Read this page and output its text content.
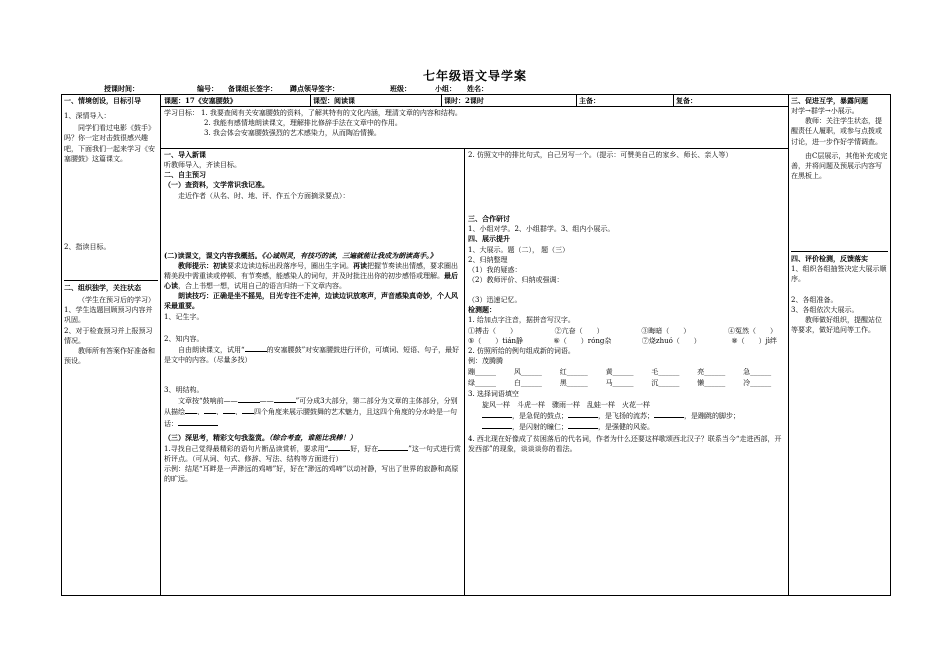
七年级语文导学案
授课时间：	编号： 备课组长签字： 蹲点领导签字：	班级：	小组： 姓名：

一、情境创设，目标引导

1、深情导入：

同学们看过电影《鼓手》吗？你一定对击鼓很感兴趣吧，下面我们一起来学习《安塞腰鼓》这篇课文。

2、指读目标。

二、组织独学，关注状态

（学生在预习后的学习）

1、学生选题回顾预习内容并巩固。

2、对于检查预习并上报预习情况。

教师所有答案作好准备和预设。

课题：17《安塞腰鼓》	课型：阅读课	课时：2课时	主备：	复备：

学习目标： 1. 我要查阅有关安塞腰鼓的资料，了解其特有的文化内涵，理清文章的内容和结构。

2. 我能有感情地朗读课文，理解排比修辞手法在文章中的作用。

3. 我会体会安塞腰鼓强烈的艺术感染力，从而陶冶情操。

一、导入新课

听教师导入，齐读目标。

二、自主预习

（一）查资料，文学常识我记准。

走近作者（从名、时、地、评、作五个方面摘录要点）：

(二)读课文，课文内容我概括。《心诚则灵，有技巧的读，三遍就能让我成为朗读高手。》

教师提示：初读要求边读边标出段落序号，圈出生字词。再读把握节奏读出情感，要求圈出精美段中需重读或停顿、有节奏感，能感染人的词句，并及时批注出你的初步感悟或理解。最后心读，合上书想一想，试用自己的语言归纳一下文章内容。

朗读技巧：正确是坐不摇晃，目光专注不走神，边读边识放寒声，声音感染真奇妙，个人风采最重要。

1、记生字。

2、知内容。

自由朗读课文，试用“	的安塞腰鼓”对安塞腰鼓进行评价，可填词、短语、句子，最好是文中的内容。（尽量多找）

3、明结构。

文章按“鼓响前——	——	”可分成3大部分，第二部分为文章的主体部分，分别从描绘 、 、 、 四个角度来展示腰鼓舞的艺术魅力，且这四个角度的分水岭是一句话：

（三）深思考，精彩文句我鉴赏。（综合考查，谁能比我棒！）

1.寻找自己觉得最精彩的语句片断品读赏析，要求用“	好，好在	”这一句式进行赏析评点。（可从词、句式、修辞、写法、结构等方面进行）

示例：结尾“耳畔是一声渺远的鸡啼”好，好在“渺远的鸡啼”以动衬静，写出了世界的寂静和高原的旷远。

2. 仿照文中的排比句式，自己另写一个。（提示：可赞美自己的家乡、师长、亲人等）

三、合作研讨

1、小组对学。2、小组群学。3、组内小展示。

四、展示提升

1、大展示。题（二）， 题（三）

2、归纳整理

（1）我的疑惑：

（2）教师评价、归纳或强调：

（3）迅速记忆。

检测题：

1. 给加点字注音，据拼音写汉字。

①搏击（　　）	②亢奋（　　）	③晦暗（　　）	④冤然（　　）
⑤（　　）tián静	⑥（　　）róng杂	⑦烧zhuó（　　）	⑧（　　）jì绊

2. 仿照所给的例句组成新的词语。

例：茂腾腾

蹦______	风______	红______	黄______	毛______	亮______	急______
绿______	白______	黑______	马______	沉______	懒______	冷______

3. 选择词语填空

旋风一样　斗虎一样　骤雨一样　乱蛙一样　火花一样

，是急促的鼓点；	，是飞扬的流苏；	，是蹦跳的脚步；

，是闪射的瞳仁；	，是强健的风姿。

4. 西北现在好像成了贫困落后的代名词，作者为什么还要这样歌颂西北汉子？联系当今“走进西部，开发西部”的现象，谈谈谈你的看法。

三、促进互学，暴露问题

对学→群学→小展示。

教师：关注学生状态，提醒责任人履职，或参与点拨或讨论，进一步作好学情调查。

由C层展示，其他补充或完善，并将问题及预展示内容写在黑板上。

四、评价检测，反馈落实

1、组织各组抽签决定大展示顺序。

2、各组准备。

3、各组依次大展示。

教师做好组织，提醒站位等要求，做好追问等工作。
